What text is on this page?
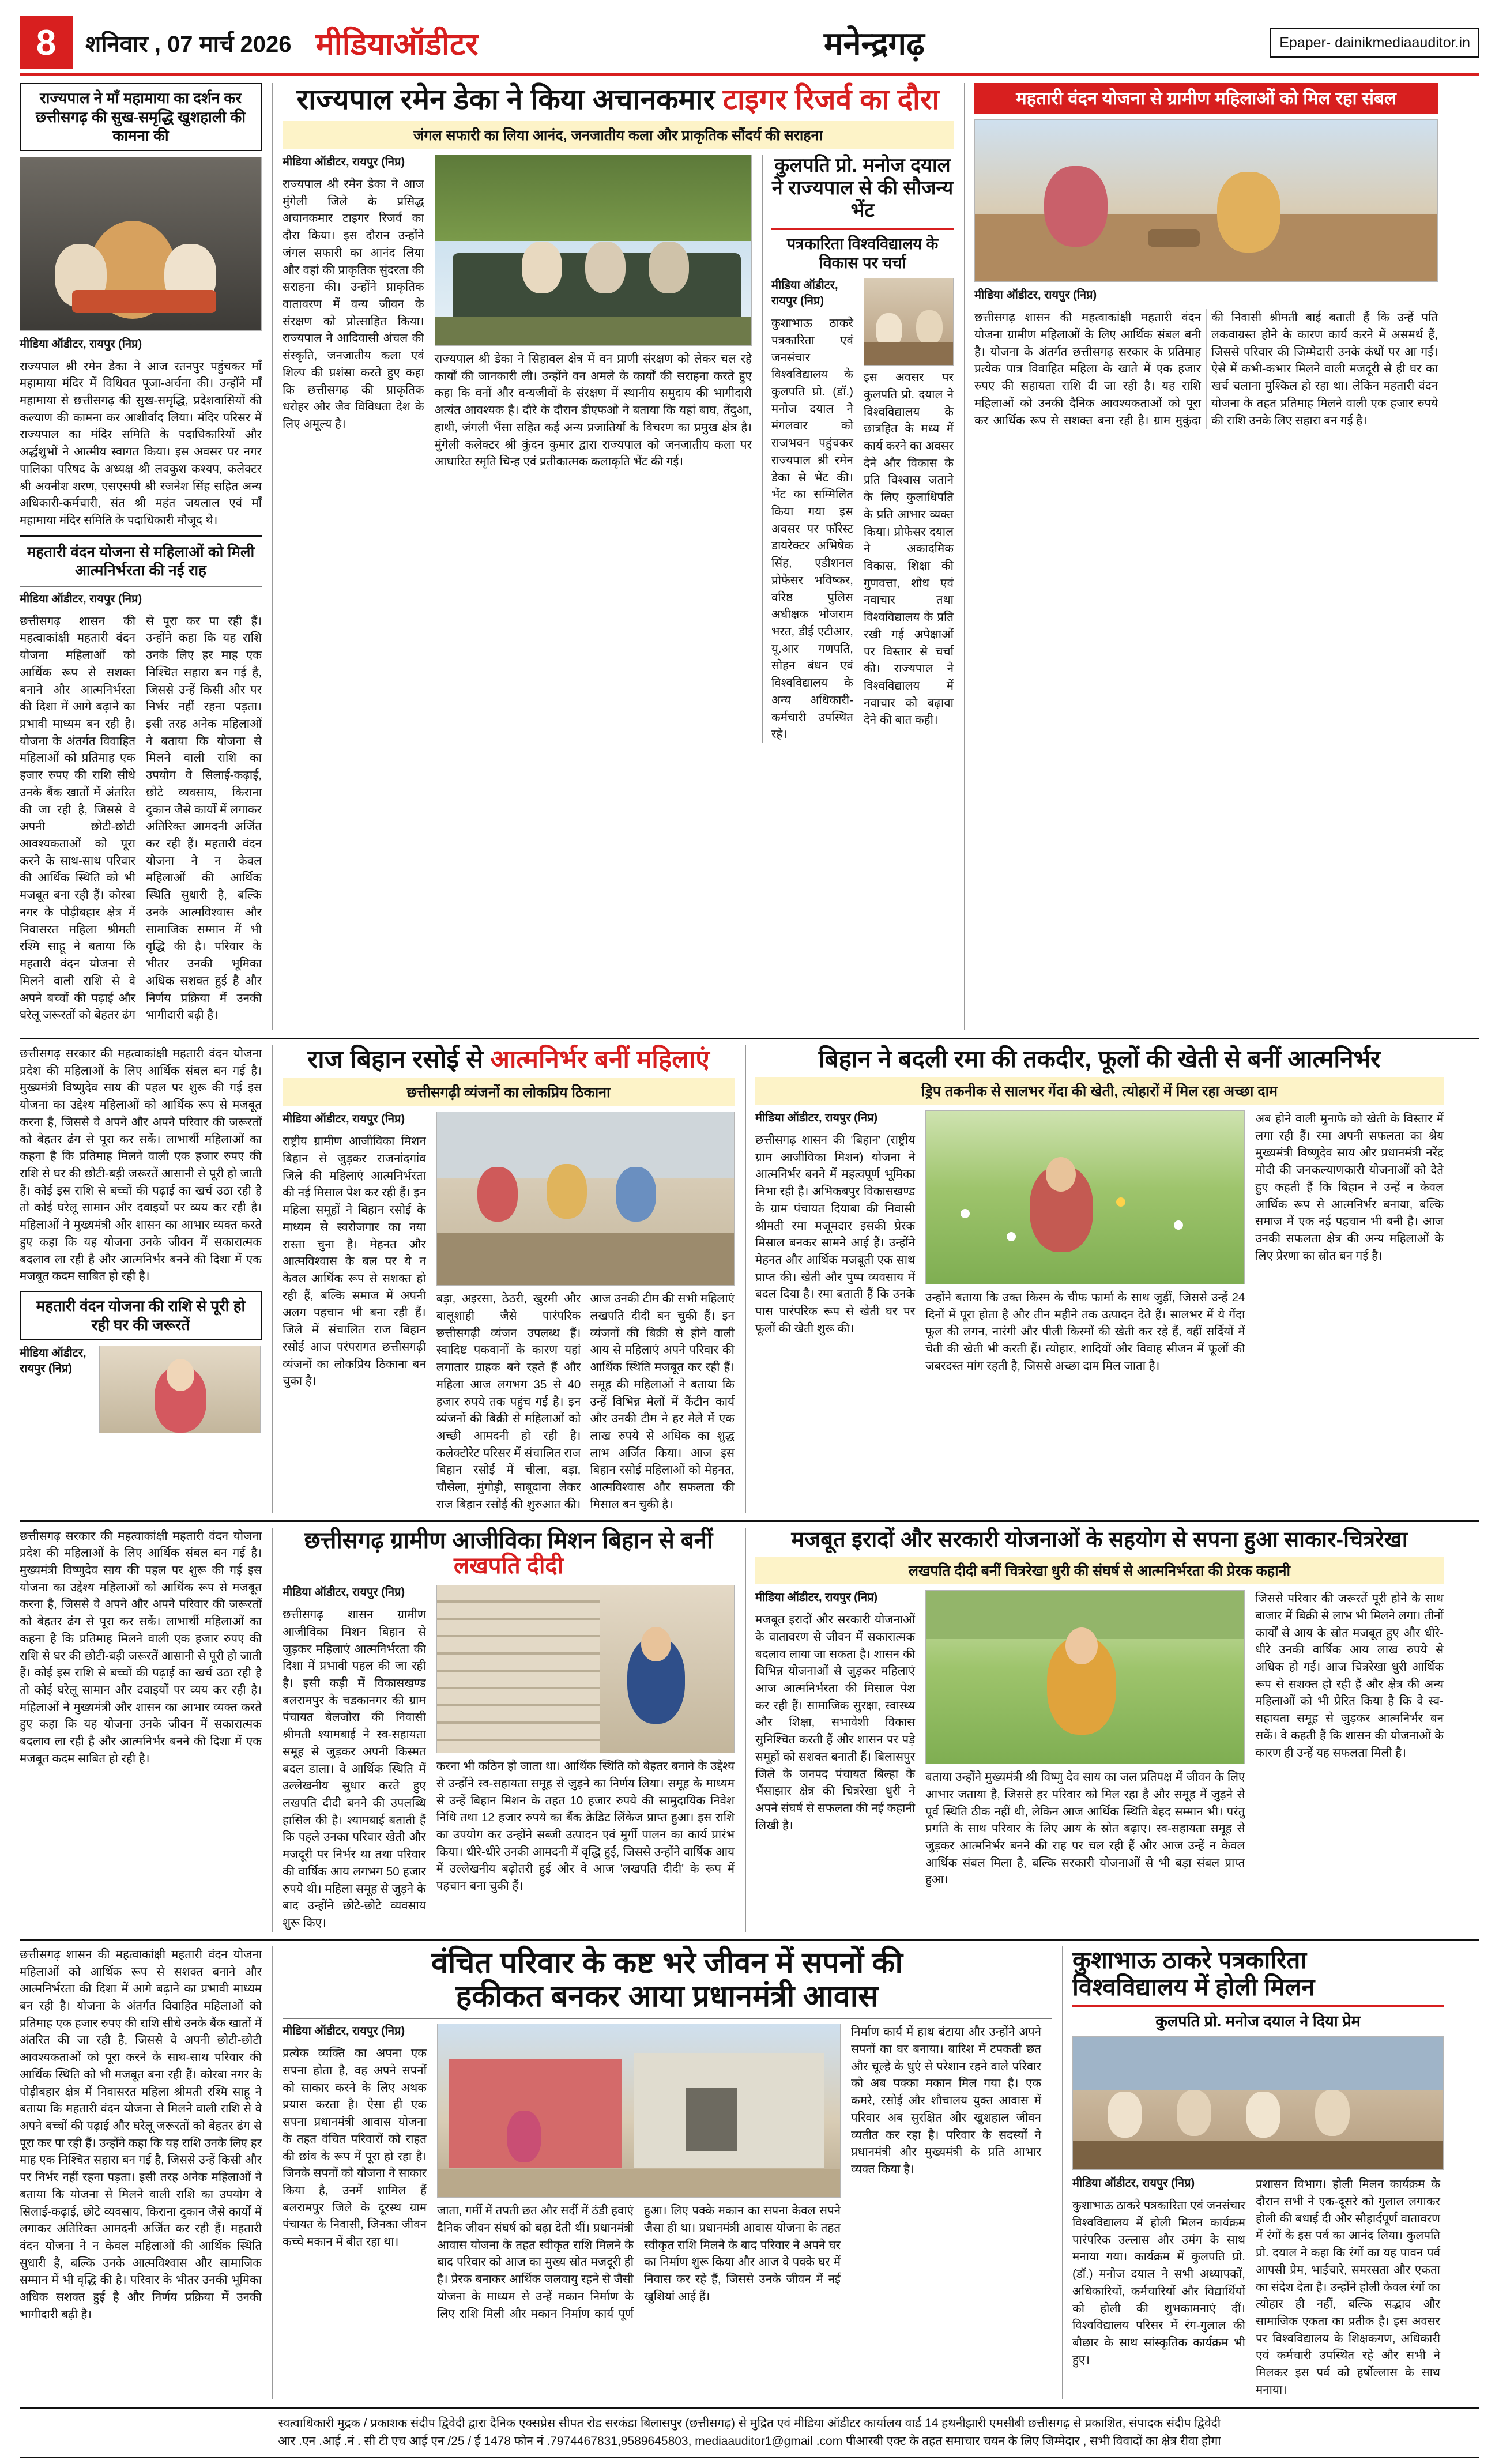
8	शनिवार , 07 मार्च 2026 मीडियाऑडीटर	मनेन्द्रगढ़	Epaper- dainikmediaauditor.in
राज्यपाल ने माँ महामाया का दर्शन कर छत्तीसगढ़ की सुख-समृद्धि खुशहाली की कामना की
मीडिया ऑडीटर, रायपुर (निप्र)
राज्यपाल श्री रमेन डेका ने आज रतनपुर पहुंचकर माँ महामाया मंदिर में विधिवत पूजा-अर्चना की। उन्होंने माँ महामाया से छत्तीसगढ़ की सुख-समृद्धि, प्रदेशवासियों की कल्याण की कामना कर आशीर्वाद लिया। मंदिर परिसर में राज्यपाल का मंदिर समिति के पदाधिकारियों और अर्द्धशुभों ने आत्मीय स्वागत किया। इस अवसर पर नगर पालिका परिषद के अध्यक्ष श्री लवकुश कश्यप, कलेक्टर श्री अवनीश शरण, एसएसपी श्री रजनेश सिंह सहित अन्य अधिकारी-कर्मचारी, संत श्री महंत जयलाल एवं माँ महामाया मंदिर समिति के पदाधिकारी मौजूद थे।
महतारी वंदन योजना से महिलाओं को मिली आत्मनिर्भरता की नई राह
मीडिया ऑडीटर, रायपुर (निप्र)
छत्तीसगढ़ शासन की महत्वाकांक्षी महतारी वंदन योजना महिलाओं को आर्थिक रूप से सशक्त बनाने और आत्मनिर्भरता की दिशा में आगे बढ़ाने का प्रभावी माध्यम बन रही है। योजना के अंतर्गत विवाहित महिलाओं को प्रतिमाह एक हजार रुपए की राशि सीधे उनके बैंक खातों में अंतरित की जा रही है, जिससे वे अपनी छोटी-छोटी आवश्यकताओं को पूरा करने के साथ-साथ परिवार की आर्थिक स्थिति को भी मजबूत बना रही हैं। कोरबा नगर के पोड़ीबहार क्षेत्र में निवासरत महिला श्रीमती रश्मि साहू ने बताया कि महतारी वंदन योजना से मिलने वाली राशि से वे अपने बच्चों की पढ़ाई और घरेलू जरूरतों को बेहतर ढंग से पूरा कर पा रही हैं। उन्होंने कहा कि यह राशि उनके लिए हर माह एक निश्चित सहारा बन गई है, जिससे उन्हें किसी और पर निर्भर नहीं रहना पड़ता। इसी तरह अनेक महिलाओं ने बताया कि योजना से मिलने वाली राशि का उपयोग वे सिलाई-कढ़ाई, छोटे व्यवसाय, किराना दुकान जैसे कार्यों में लगाकर अतिरिक्त आमदनी अर्जित कर रही हैं। महतारी वंदन योजना ने न केवल महिलाओं की आर्थिक स्थिति सुधारी है, बल्कि उनके आत्मविश्वास और सामाजिक सम्मान में भी वृद्धि की है। परिवार के भीतर उनकी भूमिका अधिक सशक्त हुई है और निर्णय प्रक्रिया में उनकी भागीदारी बढ़ी है।
राज्यपाल रमेन डेका ने किया अचानकमार टाइगर रिजर्व का दौरा
जंगल सफारी का लिया आनंद, जनजातीय कला और प्राकृतिक सौंदर्य की सराहना
मीडिया ऑडीटर, रायपुर (निप्र)
राज्यपाल श्री रमेन डेका ने आज मुंगेली जिले के प्रसिद्ध अचानकमार टाइगर रिजर्व का दौरा किया। इस दौरान उन्होंने जंगल सफारी का आनंद लिया और वहां की प्राकृतिक सुंदरता की सराहना की। उन्होंने प्राकृतिक वातावरण में वन्य जीवन के संरक्षण को प्रोत्साहित किया। राज्यपाल ने आदिवासी अंचल की संस्कृति, जनजातीय कला एवं शिल्प की प्रशंसा करते हुए कहा कि छत्तीसगढ़ की प्राकृतिक धरोहर और जैव विविधता देश के लिए अमूल्य है।
राज्यपाल श्री डेका ने सिहावल क्षेत्र में वन प्राणी संरक्षण को लेकर चल रहे कार्यों की जानकारी ली। उन्होंने वन अमले के कार्यों की सराहना करते हुए कहा कि वनों और वन्यजीवों के संरक्षण में स्थानीय समुदाय की भागीदारी अत्यंत आवश्यक है। दौरे के दौरान डीएफओ ने बताया कि यहां बाघ, तेंदुआ, हाथी, जंगली भैंसा सहित कई अन्य प्रजातियों के विचरण का प्रमुख क्षेत्र है। मुंगेली कलेक्टर श्री कुंदन कुमार द्वारा राज्यपाल को जनजातीय कला पर आधारित स्मृति चिन्ह एवं प्रतीकात्मक कलाकृति भेंट की गई।
कुलपति प्रो. मनोज दयाल ने राज्यपाल से की सौजन्य भेंट
पत्रकारिता विश्वविद्यालय के विकास पर चर्चा
मीडिया ऑडीटर, रायपुर (निप्र)
कुशाभाऊ ठाकरे पत्रकारिता एवं जनसंचार विश्वविद्यालय के कुलपति प्रो. (डॉ.) मनोज दयाल ने मंगलवार को राजभवन पहुंचकर राज्यपाल श्री रमेन डेका से भेंट की। भेंट का सम्मिलित किया गया इस अवसर पर फॉरेस्ट डायरेक्टर अभिषेक सिंह, एडीशनल प्रोफेसर भविष्कर, वरिष्ठ पुलिस अधीक्षक भोजराम भरत, डीई एटीआर, यू.आर गणपति, सोहन बंधन एवं विश्वविद्यालय के अन्य अधिकारी-कर्मचारी उपस्थित रहे।
इस अवसर पर कुलपति प्रो. दयाल ने विश्वविद्यालय के छात्रहित के मध्य में कार्य करने का अवसर देने और विकास के प्रति विश्वास जताने के लिए कुलाधिपति के प्रति आभार व्यक्त किया। प्रोफेसर दयाल ने अकादमिक विकास, शिक्षा की गुणवत्ता, शोध एवं नवाचार तथा विश्वविद्यालय के प्रति रखी गई अपेक्षाओं पर विस्तार से चर्चा की। राज्यपाल ने विश्वविद्यालय में नवाचार को बढ़ावा देने की बात कही।
महतारी वंदन योजना से ग्रामीण महिलाओं को मिल रहा संबल
मीडिया ऑडीटर, रायपुर (निप्र)
छत्तीसगढ़ शासन की महत्वाकांक्षी महतारी वंदन योजना ग्रामीण महिलाओं के लिए आर्थिक संबल बनी है। योजना के अंतर्गत छत्तीसगढ़ सरकार के प्रतिमाह प्रत्येक पात्र विवाहित महिला के खाते में एक हजार रुपए की सहायता राशि दी जा रही है। यह राशि महिलाओं को उनकी दैनिक आवश्यकताओं को पूरा कर आर्थिक रूप से सशक्त बना रही है। ग्राम मुकुंदा की निवासी श्रीमती बाई बताती हैं कि उन्हें पति लकवाग्रस्त होने के कारण कार्य करने में असमर्थ हैं, जिससे परिवार की जिम्मेदारी उनके कंधों पर आ गई। ऐसे में कभी-कभार मिलने वाली मजदूरी से ही घर का खर्च चलाना मुश्किल हो रहा था। लेकिन महतारी वंदन योजना के तहत प्रतिमाह मिलने वाली एक हजार रुपये की राशि उनके लिए सहारा बन गई है।
छत्तीसगढ़ सरकार की महत्वाकांक्षी महतारी वंदन योजना प्रदेश की महिलाओं के लिए आर्थिक संबल बन गई है। मुख्यमंत्री विष्णुदेव साय की पहल पर शुरू की गई इस योजना का उद्देश्य महिलाओं को आर्थिक रूप से मजबूत करना है, जिससे वे अपने और अपने परिवार की जरूरतों को बेहतर ढंग से पूरा कर सकें। लाभार्थी महिलाओं का कहना है कि प्रतिमाह मिलने वाली एक हजार रुपए की राशि से घर की छोटी-बड़ी जरूरतें आसानी से पूरी हो जाती हैं। कोई इस राशि से बच्चों की पढ़ाई का खर्च उठा रही है तो कोई घरेलू सामान और दवाइयों पर व्यय कर रही है। महिलाओं ने मुख्यमंत्री और शासन का आभार व्यक्त करते हुए कहा कि यह योजना उनके जीवन में सकारात्मक बदलाव ला रही है और आत्मनिर्भर बनने की दिशा में एक मजबूत कदम साबित हो रही है।
महतारी वंदन योजना की राशि से पूरी हो रही घर की जरूरतें
मीडिया ऑडीटर, रायपुर (निप्र)
राज बिहान रसोई से आत्मनिर्भर बनीं महिलाएं
छत्तीसगढ़ी व्यंजनों का लोकप्रिय ठिकाना
मीडिया ऑडीटर, रायपुर (निप्र)
राष्ट्रीय ग्रामीण आजीविका मिशन बिहान से जुड़कर राजनांदगांव जिले की महिलाएं आत्मनिर्भरता की नई मिसाल पेश कर रही हैं। इन महिला समूहों ने बिहान रसोई के माध्यम से स्वरोजगार का नया रास्ता चुना है। मेहनत और आत्मविश्वास के बल पर ये न केवल आर्थिक रूप से सशक्त हो रही हैं, बल्कि समाज में अपनी अलग पहचान भी बना रही हैं। जिले में संचालित राज बिहान रसोई आज परंपरागत छत्तीसगढ़ी व्यंजनों का लोकप्रिय ठिकाना बन चुका है।
बड़ा, अइरसा, ठेठरी, खुरमी और बालूशाही जैसे पारंपरिक छत्तीसगढ़ी व्यंजन उपलब्ध हैं। स्वादिष्ट पकवानों के कारण यहां लगातार ग्राहक बने रहते हैं और महिला आज लगभग 35 से 40 हजार रुपये तक पहुंच गई है। इन व्यंजनों की बिक्री से महिलाओं को अच्छी आमदनी हो रही है। कलेक्टोरेट परिसर में संचालित राज बिहान रसोई में चीला, बड़ा, चौसेला, मुंगोड़ी, साबूदाना लेकर राज बिहान रसोई की शुरुआत की। आज उनकी टीम की सभी महिलाएं लखपति दीदी बन चुकी हैं। इन व्यंजनों की बिक्री से होने वाली आय से महिलाएं अपने परिवार की आर्थिक स्थिति मजबूत कर रही हैं। समूह की महिलाओं ने बताया कि उन्हें विभिन्न मेलों में कैंटीन कार्य और उनकी टीम ने हर मेले में एक लाख रुपये से अधिक का शुद्ध लाभ अर्जित किया। आज इस बिहान रसोई महिलाओं को मेहनत, आत्मविश्वास और सफलता की मिसाल बन चुकी है।
बिहान ने बदली रमा की तकदीर, फूलों की खेती से बनीं आत्मनिर्भर
ड्रिप तकनीक से सालभर गेंदा की खेती, त्योहारों में मिल रहा अच्छा दाम
मीडिया ऑडीटर, रायपुर (निप्र)
छत्तीसगढ़ शासन की 'बिहान' (राष्ट्रीय ग्राम आजीविका मिशन) योजना ने आत्मनिर्भर बनने में महत्वपूर्ण भूमिका निभा रही है। अभिकबपुर विकासखण्ड के ग्राम पंचायत दियाबा की निवासी श्रीमती रमा मजूमदार इसकी प्रेरक मिसाल बनकर सामने आई हैं। उन्होंने मेहनत और आर्थिक मजबूती एक साथ प्राप्त की। खेती और पुष्प व्यवसाय में बदल दिया है। रमा बताती हैं कि उनके पास पारंपरिक रूप से खेती घर पर फूलों की खेती शुरू की।
उन्होंने बताया कि उक्त किस्म के चीफ फार्मा के साथ जुड़ीं, जिससे उन्हें 24 दिनों में पूरा होता है और तीन महीने तक उत्पादन देते हैं। सालभर में ये गेंदा फूल की लगन, नारंगी और पीली किस्मों की खेती कर रहे हैं, वहीं सर्दियों में चेती की खेती भी करती हैं। त्योहार, शादियों और विवाह सीजन में फूलों की जबरदस्त मांग रहती है, जिससे अच्छा दाम मिल जाता है।
अब होने वाली मुनाफे को खेती के विस्तार में लगा रही हैं। रमा अपनी सफलता का श्रेय मुख्यमंत्री विष्णुदेव साय और प्रधानमंत्री नरेंद्र मोदी की जनकल्याणकारी योजनाओं को देते हुए कहती हैं कि बिहान ने उन्हें न केवल आर्थिक रूप से आत्मनिर्भर बनाया, बल्कि समाज में एक नई पहचान भी बनी है। आज उनकी सफलता क्षेत्र की अन्य महिलाओं के लिए प्रेरणा का स्रोत बन गई है।
छत्तीसगढ़ सरकार की महत्वाकांक्षी महतारी वंदन योजना प्रदेश की महिलाओं के लिए आर्थिक संबल बन गई है। मुख्यमंत्री विष्णुदेव साय की पहल पर शुरू की गई इस योजना का उद्देश्य महिलाओं को आर्थिक रूप से मजबूत करना है, जिससे वे अपने और अपने परिवार की जरूरतों को बेहतर ढंग से पूरा कर सकें। लाभार्थी महिलाओं का कहना है कि प्रतिमाह मिलने वाली एक हजार रुपए की राशि से घर की छोटी-बड़ी जरूरतें आसानी से पूरी हो जाती हैं। कोई इस राशि से बच्चों की पढ़ाई का खर्च उठा रही है तो कोई घरेलू सामान और दवाइयों पर व्यय कर रही है। महिलाओं ने मुख्यमंत्री और शासन का आभार व्यक्त करते हुए कहा कि यह योजना उनके जीवन में सकारात्मक बदलाव ला रही है और आत्मनिर्भर बनने की दिशा में एक मजबूत कदम साबित हो रही है।
छत्तीसगढ़ ग्रामीण आजीविका मिशन बिहान से बनीं लखपति दीदी
मीडिया ऑडीटर, रायपुर (निप्र)
छत्तीसगढ़ शासन ग्रामीण आजीविका मिशन बिहान से जुड़कर महिलाएं आत्मनिर्भरता की दिशा में प्रभावी पहल की जा रही है। इसी कड़ी में विकासखण्ड बलरामपुर के चडकानगर की ग्राम पंचायत बेलजोरा की निवासी श्रीमती श्यामबाई ने स्व-सहायता समूह से जुड़कर अपनी किस्मत बदल डाला। वे आर्थिक स्थिति में उल्लेखनीय सुधार करते हुए लखपति दीदी बनने की उपलब्धि हासिल की है। श्यामबाई बताती हैं कि पहले उनका परिवार खेती और मजदूरी पर निर्भर था तथा परिवार की वार्षिक आय लगभग 50 हजार रुपये थी। महिला समूह से जुड़ने के बाद उन्होंने छोटे-छोटे व्यवसाय शुरू किए।
करना भी कठिन हो जाता था। आर्थिक स्थिति को बेहतर बनाने के उद्देश्य से उन्होंने स्व-सहायता समूह से जुड़ने का निर्णय लिया। समूह के माध्यम से उन्हें बिहान मिशन के तहत 10 हजार रुपये की सामुदायिक निवेश निधि तथा 12 हजार रुपये का बैंक क्रेडिट लिंकेज प्राप्त हुआ। इस राशि का उपयोग कर उन्होंने सब्जी उत्पादन एवं मुर्गी पालन का कार्य प्रारंभ किया। धीरे-धीरे उनकी आमदनी में वृद्धि हुई, जिससे उन्होंने वार्षिक आय में उल्लेखनीय बढ़ोतरी हुई और वे आज 'लखपति दीदी' के रूप में पहचान बना चुकी हैं।
मजबूत इरादों और सरकारी योजनाओं के सहयोग से सपना हुआ साकार-चित्ररेखा
लखपति दीदी बनीं चित्ररेखा धुरी की संघर्ष से आत्मनिर्भरता की प्रेरक कहानी
मीडिया ऑडीटर, रायपुर (निप्र)
मजबूत इरादों और सरकारी योजनाओं के वातावरण से जीवन में सकारात्मक बदलाव लाया जा सकता है। शासन की विभिन्न योजनाओं से जुड़कर महिलाएं आज आत्मनिर्भरता की मिसाल पेश कर रही हैं। सामाजिक सुरक्षा, स्वास्थ्य और शिक्षा, सभावेशी विकास सुनिश्चित करती हैं और शासन पर पड़े समूहों को सशक्त बनाती हैं। बिलासपुर जिले के जनपद पंचायत बिल्हा के भैंसाझार क्षेत्र की चित्ररेखा धुरी ने अपने संघर्ष से सफलता की नई कहानी लिखी है।
बताया उन्होंने मुख्यमंत्री श्री विष्णु देव साय का जल प्रतिपक्ष में जीवन के लिए आभार जताया है, जिससे हर परिवार को मिल रहा है और समूह में जुड़ने से पूर्व स्थिति ठीक नहीं थी, लेकिन आज आर्थिक स्थिति बेहद सम्मान भी। परंतु प्रगति के साथ परिवार के लिए आय के स्रोत बढ़ाए। स्व-सहायता समूह से जुड़कर आत्मनिर्भर बनने की राह पर चल रही हैं और आज उन्हें न केवल आर्थिक संबल मिला है, बल्कि सरकारी योजनाओं से भी बड़ा संबल प्राप्त हुआ।
जिससे परिवार की जरूरतें पूरी होने के साथ बाजार में बिक्री से लाभ भी मिलने लगा। तीनों कार्यों से आय के स्रोत मजबूत हुए और धीरे-धीरे उनकी वार्षिक आय लाख रुपये से अधिक हो गई। आज चित्ररेखा धुरी आर्थिक रूप से सशक्त हो रही हैं और क्षेत्र की अन्य महिलाओं को भी प्रेरित किया है कि वे स्व-सहायता समूह से जुड़कर आत्मनिर्भर बन सकें। वे कहती हैं कि शासन की योजनाओं के कारण ही उन्हें यह सफलता मिली है।
छत्तीसगढ़ शासन की महत्वाकांक्षी महतारी वंदन योजना महिलाओं को आर्थिक रूप से सशक्त बनाने और आत्मनिर्भरता की दिशा में आगे बढ़ाने का प्रभावी माध्यम बन रही है। योजना के अंतर्गत विवाहित महिलाओं को प्रतिमाह एक हजार रुपए की राशि सीधे उनके बैंक खातों में अंतरित की जा रही है, जिससे वे अपनी छोटी-छोटी आवश्यकताओं को पूरा करने के साथ-साथ परिवार की आर्थिक स्थिति को भी मजबूत बना रही हैं। कोरबा नगर के पोड़ीबहार क्षेत्र में निवासरत महिला श्रीमती रश्मि साहू ने बताया कि महतारी वंदन योजना से मिलने वाली राशि से वे अपने बच्चों की पढ़ाई और घरेलू जरूरतों को बेहतर ढंग से पूरा कर पा रही हैं। उन्होंने कहा कि यह राशि उनके लिए हर माह एक निश्चित सहारा बन गई है, जिससे उन्हें किसी और पर निर्भर नहीं रहना पड़ता। इसी तरह अनेक महिलाओं ने बताया कि योजना से मिलने वाली राशि का उपयोग वे सिलाई-कढ़ाई, छोटे व्यवसाय, किराना दुकान जैसे कार्यों में लगाकर अतिरिक्त आमदनी अर्जित कर रही हैं। महतारी वंदन योजना ने न केवल महिलाओं की आर्थिक स्थिति सुधारी है, बल्कि उनके आत्मविश्वास और सामाजिक सम्मान में भी वृद्धि की है। परिवार के भीतर उनकी भूमिका अधिक सशक्त हुई है और निर्णय प्रक्रिया में उनकी भागीदारी बढ़ी है।
वंचित परिवार के कष्ट भरे जीवन में सपनों की
हकीकत बनकर आया प्रधानमंत्री आवास
मीडिया ऑडीटर, रायपुर (निप्र)
प्रत्येक व्यक्ति का अपना एक सपना होता है, वह अपने सपनों को साकार करने के लिए अथक प्रयास करता है। ऐसा ही एक सपना प्रधानमंत्री आवास योजना के तहत वंचित परिवारों को राहत की छांव के रूप में पूरा हो रहा है। जिनके सपनों को योजना ने साकार किया है, उनमें शामिल हैं बलरामपुर जिले के दूरस्थ ग्राम पंचायत के निवासी, जिनका जीवन कच्चे मकान में बीत रहा था।
जाता, गर्मी में तपती छत और सर्दी में ठंडी हवाएं दैनिक जीवन संघर्ष को बढ़ा देती थीं। प्रधानमंत्री आवास योजना के तहत स्वीकृत राशि मिलने के बाद परिवार को आज का मुख्य स्रोत मजदूरी ही है। प्रेरक बनाकर आर्थिक जलवायु रहने से जैसी योजना के माध्यम से उन्हें मकान निर्माण के लिए राशि मिली और मकान निर्माण कार्य पूर्ण हुआ। लिए पक्के मकान का सपना केवल सपने जैसा ही था। प्रधानमंत्री आवास योजना के तहत स्वीकृत राशि मिलने के बाद परिवार ने अपने घर का निर्माण शुरू किया और आज वे पक्के घर में निवास कर रहे हैं, जिससे उनके जीवन में नई खुशियां आई हैं।
निर्माण कार्य में हाथ बंटाया और उन्होंने अपने सपनों का घर बनाया। बारिश में टपकती छत और चूल्हे के धुएं से परेशान रहने वाले परिवार को अब पक्का मकान मिल गया है। एक कमरे, रसोई और शौचालय युक्त आवास में परिवार अब सुरक्षित और खुशहाल जीवन व्यतीत कर रहा है। परिवार के सदस्यों ने प्रधानमंत्री और मुख्यमंत्री के प्रति आभार व्यक्त किया है।
कुशाभाऊ ठाकरे पत्रकारिता
विश्वविद्यालय में होली मिलन
कुलपति प्रो. मनोज दयाल ने दिया प्रेम
मीडिया ऑडीटर, रायपुर (निप्र)
कुशाभाऊ ठाकरे पत्रकारिता एवं जनसंचार विश्वविद्यालय में होली मिलन कार्यक्रम पारंपरिक उल्लास और उमंग के साथ मनाया गया। कार्यक्रम में कुलपति प्रो. (डॉ.) मनोज दयाल ने सभी अध्यापकों, अधिकारियों, कर्मचारियों और विद्यार्थियों को होली की शुभकामनाएं दीं। विश्वविद्यालय परिसर में रंग-गुलाल की बौछार के साथ सांस्कृतिक कार्यक्रम भी हुए।
प्रशासन विभाग। होली मिलन कार्यक्रम के दौरान सभी ने एक-दूसरे को गुलाल लगाकर होली की बधाई दी और सौहार्दपूर्ण वातावरण में रंगों के इस पर्व का आनंद लिया। कुलपति प्रो. दयाल ने कहा कि रंगों का यह पावन पर्व आपसी प्रेम, भाईचारे, समरसता और एकता का संदेश देता है। उन्होंने होली केवल रंगों का त्योहार ही नहीं, बल्कि सद्भाव और सामाजिक एकता का प्रतीक है। इस अवसर पर विश्वविद्यालय के शिक्षकगण, अधिकारी एवं कर्मचारी उपस्थित रहे और सभी ने मिलकर इस पर्व को हर्षोल्लास के साथ मनाया।
स्वत्वाधिकारी मुद्रक / प्रकाशक संदीप द्विवेदी द्वारा दैनिक एक्सप्रेस सीपत रोड सरकंडा बिलासपुर (छत्तीसगढ़) से मुद्रित एवं मीडिया ऑडीटर कार्यालय वार्ड 14 हथनीझारी एमसीबी छत्तीसगढ़ से प्रकाशित, संपादक संदीप द्विवेदी
आर .एन .आई .नं . सी टी एच आई एन /25 / ई 1478 फोन नं .7974467831,9589645803, mediaauditor1@gmail .com पीआरबी एक्ट के तहत समाचार चयन के लिए जिम्मेदार , सभी विवादों का क्षेत्र रीवा होगा
